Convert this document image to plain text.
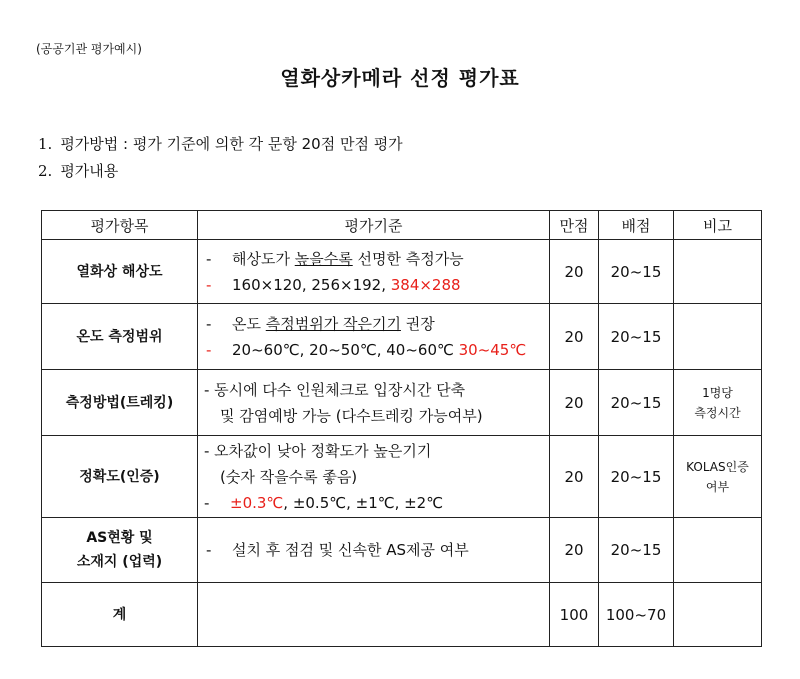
(공공기관 평가예시)
열화상카메라 선정 평가표
1. 평가방법 : 평가 기준에 의한 각 문항 20점 만점 평가
2. 평가내용
평가항목	평가기준	만점	배점	비고
열화상 해상도	- 해상도가 높을수록 선명한 측정가능
- 160×120, 256×192, 384×288	20	20~15	
온도 측정범위	- 온도 측정범위가 작은기기 권장
- 20~60℃, 20~50℃, 40~60℃ 30~45℃	20	20~15	
측정방법(트레킹)	- 동시에 다수 인원체크로 입장시간 단축
및 감염예방 가능 (다수트레킹 가능여부)	20	20~15	1명당
측정시간

정확도(인증)	- 오차값이 낮아 정확도가 높은기기
(숫자 작을수록 좋음)
- ±0.3℃, ±0.5℃, ±1℃, ±2℃	20	20~15	KOLAS인증
여부

AS현황 및
소재지 (업력)	- 설치 후 점검 및 신속한 AS제공 여부	20	20~15	
계		100	100~70	
